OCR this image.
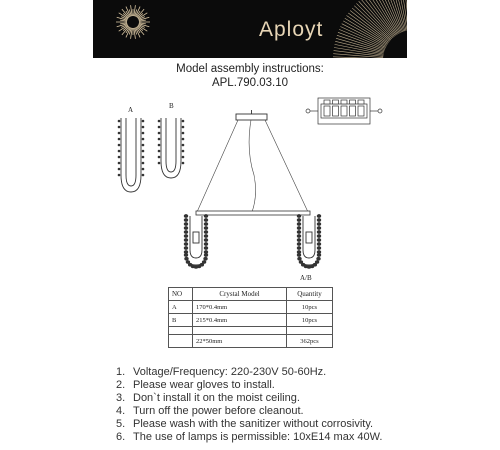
Aployt
Model assembly instructions:
APL.790.03.10
A	B
A/B
NO	Crystal Model	Quantity
A	170*0.4mm	10pcs
B	215*0.4mm	10pcs

	22*50mm	362pcs
1. Voltage/Frequency: 220-230V 50-60Hz.
2. Please wear gloves to install.
3. Don`t install it on the moist ceiling.
4. Turn off the power before cleanout.
5. Please wash with the sanitizer without corrosivity.
6. The use of lamps is permissible: 10xE14 max 40W.
